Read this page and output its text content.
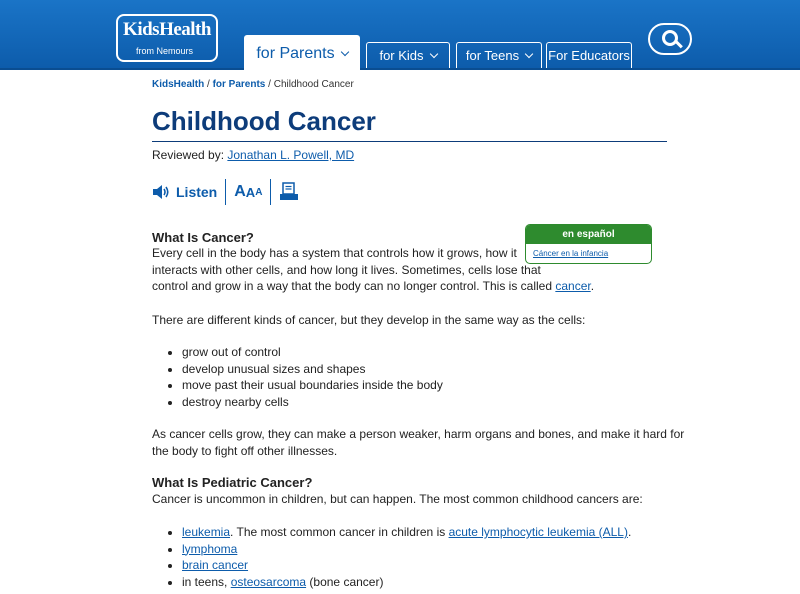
KidsHealth
from Nemours	for Parents	for Kids	for Teens For Educators
KidsHealth / for Parents / Childhood Cancer
Childhood Cancer
Reviewed by: Jonathan L. Powell, MD
Listen A A A
en español
Cáncer en la infancia
What Is Cancer?
Every cell in the body has a system that controls how it grows, how it
interacts with other cells, and how long it lives. Sometimes, cells lose that
control and grow in a way that the body can no longer control. This is called cancer.
There are different kinds of cancer, but they develop in the same way as the cells:
• grow out of control
• develop unusual sizes and shapes
• move past their usual boundaries inside the body
• destroy nearby cells
As cancer cells grow, they can make a person weaker, harm organs and bones, and make it hard for
the body to fight off other illnesses.
What Is Pediatric Cancer?
Cancer is uncommon in children, but can happen. The most common childhood cancers are:
• leukemia. The most common cancer in children is acute lymphocytic leukemia (ALL).
• lymphoma
• brain cancer
• in teens, osteosarcoma (bone cancer)
